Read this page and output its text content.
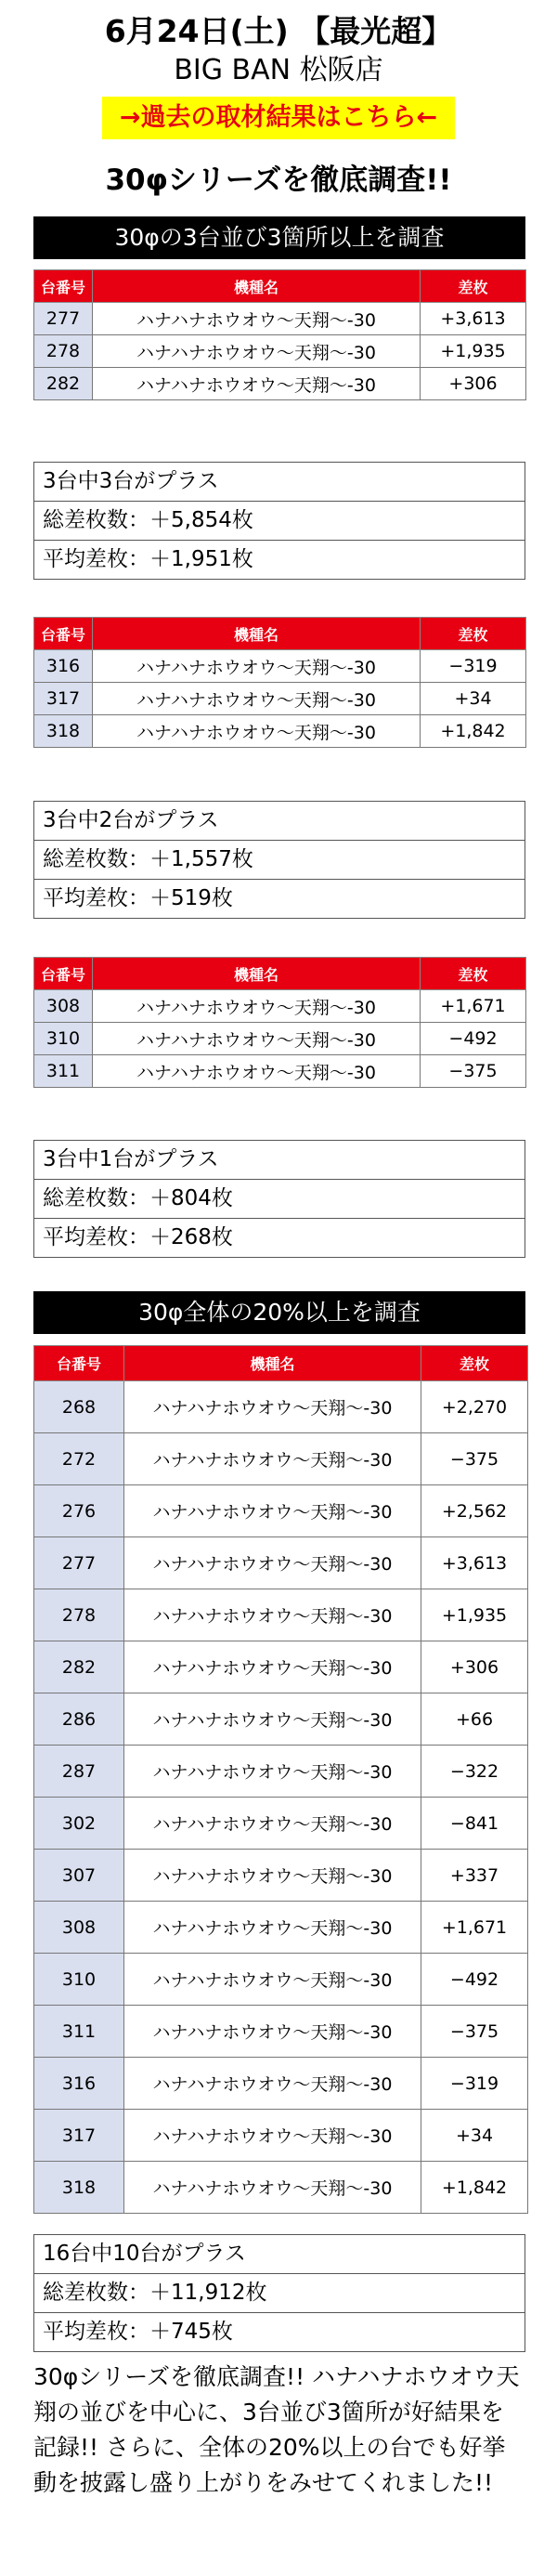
6月24日(土) 【最光超】
BIG BAN 松阪店
→過去の取材結果はこちら←
30φシリーズを徹底調査!!
30φの3台並び3箇所以上を調査
台番号	機種名	差枚
277	ハナハナホウオウ〜天翔〜-30	+3,613
278	ハナハナホウオウ〜天翔〜-30	+1,935
282	ハナハナホウオウ〜天翔〜-30	+306
3台中3台がプラス
総差枚数：＋5,854枚
平均差枚：＋1,951枚
台番号	機種名	差枚
316	ハナハナホウオウ〜天翔〜-30	−319
317	ハナハナホウオウ〜天翔〜-30	+34
318	ハナハナホウオウ〜天翔〜-30	+1,842
3台中2台がプラス
総差枚数：＋1,557枚
平均差枚：＋519枚
台番号	機種名	差枚
308	ハナハナホウオウ〜天翔〜-30	+1,671
310	ハナハナホウオウ〜天翔〜-30	−492
311	ハナハナホウオウ〜天翔〜-30	−375
3台中1台がプラス
総差枚数：＋804枚
平均差枚：＋268枚
30φ全体の20%以上を調査
台番号	機種名	差枚
268	ハナハナホウオウ〜天翔〜-30	+2,270
272	ハナハナホウオウ〜天翔〜-30	−375
276	ハナハナホウオウ〜天翔〜-30	+2,562
277	ハナハナホウオウ〜天翔〜-30	+3,613
278	ハナハナホウオウ〜天翔〜-30	+1,935
282	ハナハナホウオウ〜天翔〜-30	+306
286	ハナハナホウオウ〜天翔〜-30	+66
287	ハナハナホウオウ〜天翔〜-30	−322
302	ハナハナホウオウ〜天翔〜-30	−841
307	ハナハナホウオウ〜天翔〜-30	+337
308	ハナハナホウオウ〜天翔〜-30	+1,671
310	ハナハナホウオウ〜天翔〜-30	−492
311	ハナハナホウオウ〜天翔〜-30	−375
316	ハナハナホウオウ〜天翔〜-30	−319
317	ハナハナホウオウ〜天翔〜-30	+34
318	ハナハナホウオウ〜天翔〜-30	+1,842
16台中10台がプラス
総差枚数：＋11,912枚
平均差枚：＋745枚
30φシリーズを徹底調査!! ハナハナホウオウ天翔の並びを中心に、3台並び3箇所が好結果を記録!! さらに、全体の20%以上の台でも好挙動を披露し盛り上がりをみせてくれました!!
